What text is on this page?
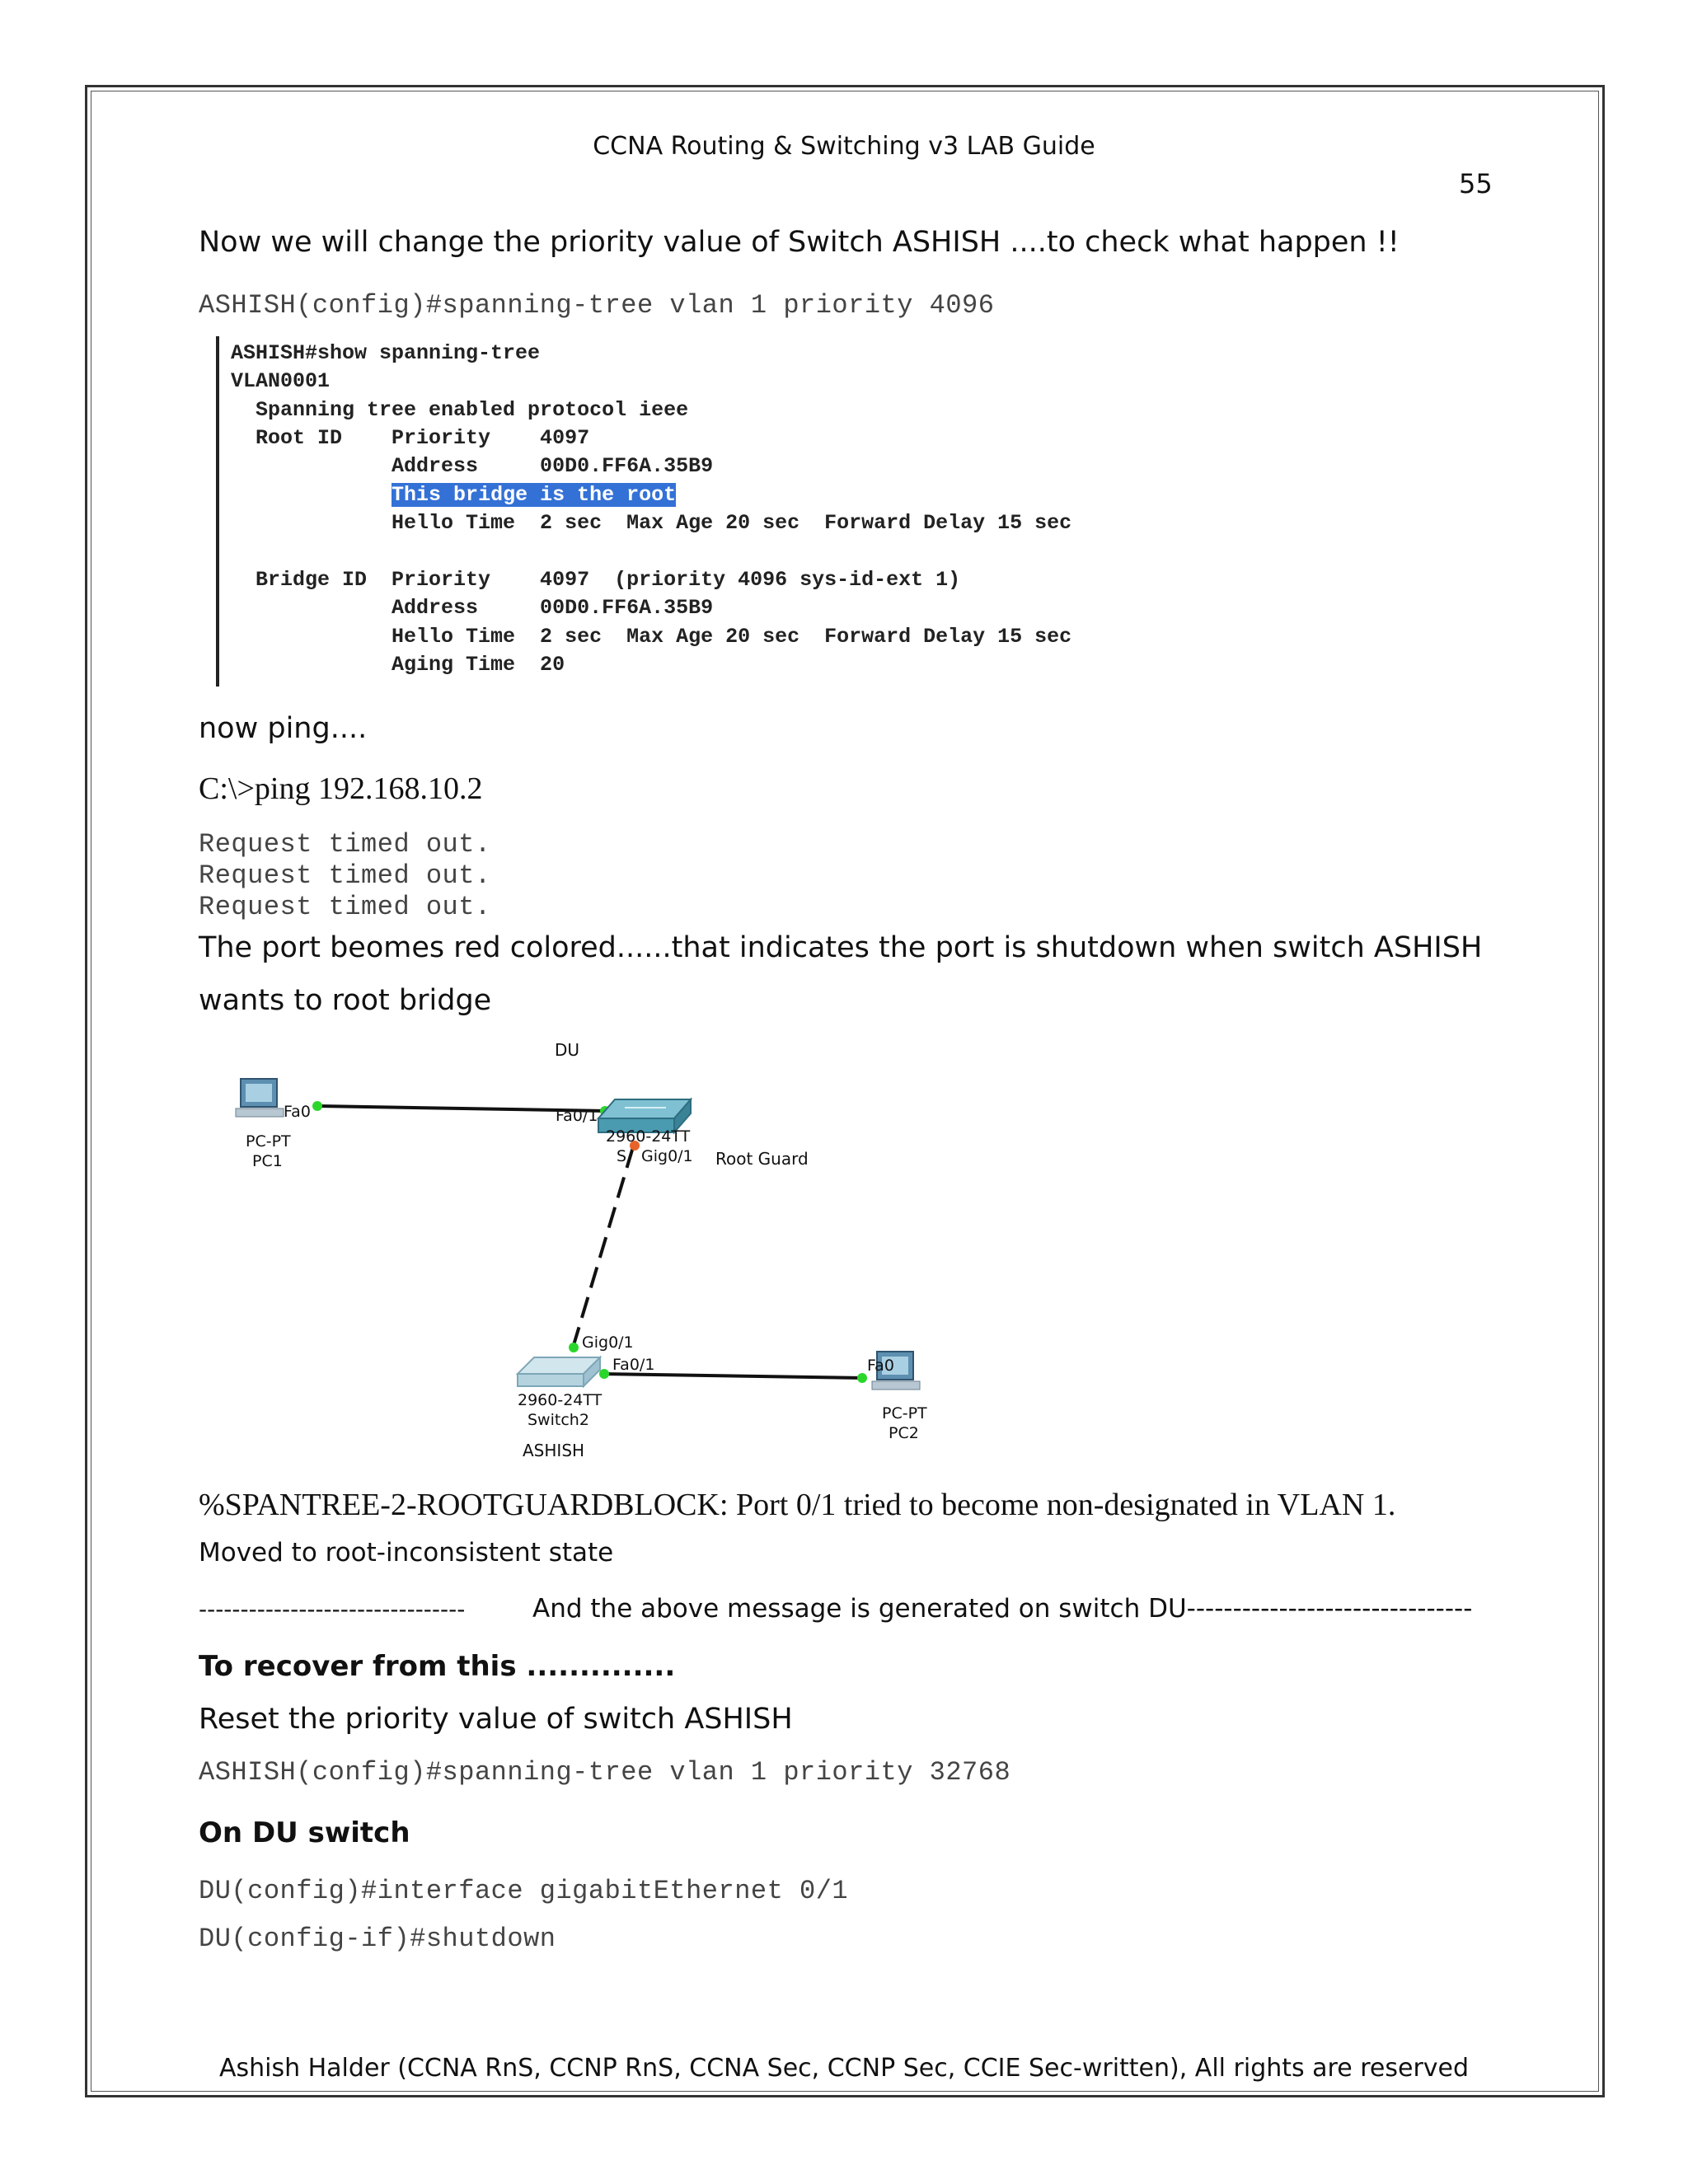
CCNA Routing & Switching v3 LAB Guide
55
Now we will change the priority value of Switch ASHISH ....to check what happen !!
ASHISH(config)#spanning-tree vlan 1 priority 4096
ASHISH#show spanning-tree
VLAN0001
Spanning tree enabled protocol ieee
Root ID    Priority    4097
Address     00D0.FF6A.35B9
This bridge is the root
Hello Time  2 sec  Max Age 20 sec  Forward Delay 15 sec
Bridge ID  Priority    4097  (priority 4096 sys-id-ext 1)
Address     00D0.FF6A.35B9
Hello Time  2 sec  Max Age 20 sec  Forward Delay 15 sec
Aging Time  20
now ping....
C:\>ping 192.168.10.2
Request timed out.
Request timed out.
Request timed out.
The port beomes red colored......that indicates the port is shutdown when switch ASHISH
wants to root bridge
DU
Fa0
PC-PT
PC1
Fa0/1
2960-24TT
S Gig0/1 Root Guard
Gig0/1
Fa0/1
2960-24TT
Switch2
ASHISH
Fa0
PC-PT
PC2
%SPANTREE-2-ROOTGUARDBLOCK: Port 0/1 tried to become non-designated in VLAN 1.
Moved to root-inconsistent state
--------------------------------	And the above message is generated on switch DU-------------------------------
To recover from this ..............
Reset the priority value of switch ASHISH
ASHISH(config)#spanning-tree vlan 1 priority 32768
On DU switch
DU(config)#interface gigabitEthernet 0/1
DU(config-if)#shutdown
Ashish Halder (CCNA RnS, CCNP RnS, CCNA Sec, CCNP Sec, CCIE Sec-written), All rights are reserved
